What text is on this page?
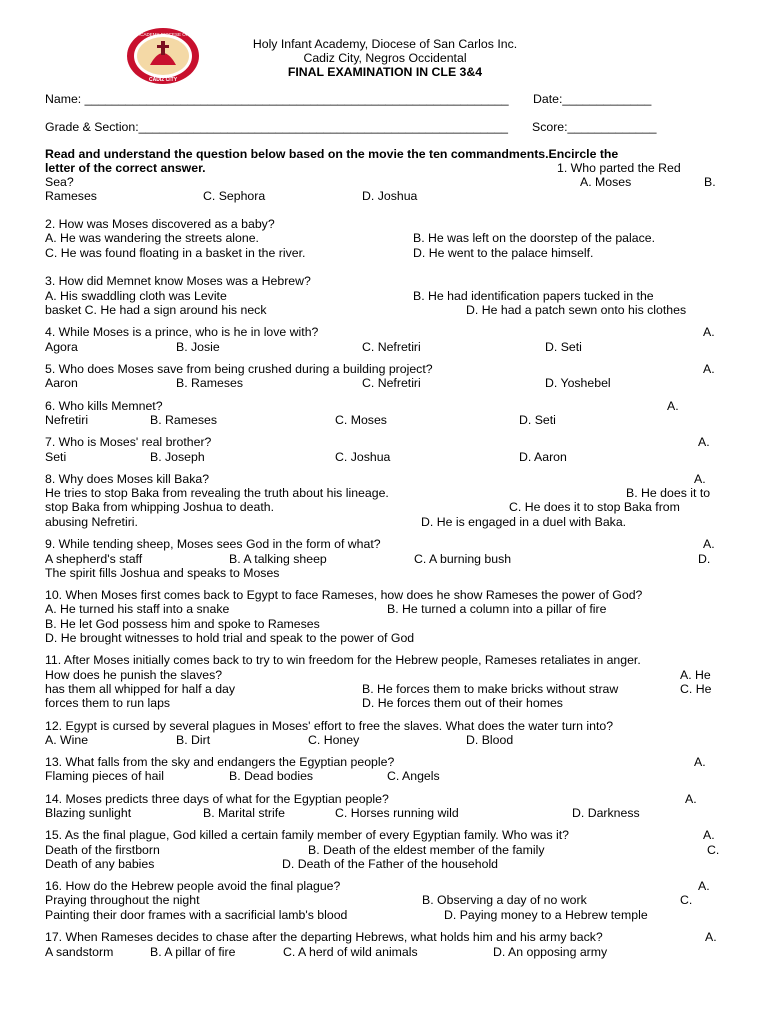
HOLY INFANT ACADEMY DIOCESE OF SAN CARLOS
CADIZ CITY
Holy Infant Academy, Diocese of San Carlos Inc.
Cadiz City, Negros Occidental
FINAL EXAMINATION IN CLE 3&4
Name: ______________________________________________________________ Date:_____________
Grade & Section:______________________________________________________ Score:_____________
Read and understand the question below based on the movie the ten commandments.Encircle the
letter of the correct answer.	1. Who parted the Red
Sea?	A. Moses	B.
Rameses	C. Sephora	D. Joshua
2. How was Moses discovered as a baby?
A. He was wandering the streets alone.	B. He was left on the doorstep of the palace.
C. He was found floating in a basket in the river.	D. He went to the palace himself.
3. How did Memnet know Moses was a Hebrew?
A. His swaddling cloth was Levite	B. He had identification papers tucked in the
basket C. He had a sign around his neck	D. He had a patch sewn onto his clothes
4. While Moses is a prince, who is he in love with?	A.
Agora	B. Josie	C. Nefretiri	D. Seti
5. Who does Moses save from being crushed during a building project?	A.
Aaron	B. Rameses	C. Nefretiri	D. Yoshebel
6. Who kills Memnet?	A.
Nefretiri	B. Rameses	C. Moses	D. Seti
7. Who is Moses' real brother?	A.
Seti	B. Joseph	C. Joshua	D. Aaron
8. Why does Moses kill Baka?	A.
He tries to stop Baka from revealing the truth about his lineage.	B. He does it to
stop Baka from whipping Joshua to death.	C. He does it to stop Baka from
abusing Nefretiri.	D. He is engaged in a duel with Baka.
9. While tending sheep, Moses sees God in the form of what?	A.
A shepherd's staff	B. A talking sheep	C. A burning bush	D.
The spirit fills Joshua and speaks to Moses
10. When Moses first comes back to Egypt to face Rameses, how does he show Rameses the power of God?
A. He turned his staff into a snake	B. He turned a column into a pillar of fire
B. He let God possess him and spoke to Rameses
D. He brought witnesses to hold trial and speak to the power of God
11. After Moses initially comes back to try to win freedom for the Hebrew people, Rameses retaliates in anger.
How does he punish the slaves?	A. He
has them all whipped for half a day	B. He forces them to make bricks without straw	C. He
forces them to run laps	D. He forces them out of their homes
12. Egypt is cursed by several plagues in Moses' effort to free the slaves. What does the water turn into?
A. Wine	B. Dirt	C. Honey	D. Blood
13. What falls from the sky and endangers the Egyptian people?	A.
Flaming pieces of hail	B. Dead bodies	C. Angels
14. Moses predicts three days of what for the Egyptian people?	A.
Blazing sunlight	B. Marital strife	C. Horses running wild	D. Darkness
15. As the final plague, God killed a certain family member of every Egyptian family. Who was it?	A.
Death of the firstborn	B. Death of the eldest member of the family	C.
Death of any babies	D. Death of the Father of the household
16. How do the Hebrew people avoid the final plague?	A.
Praying throughout the night	B. Observing a day of no work	C.
Painting their door frames with a sacrificial lamb's blood	D. Paying money to a Hebrew temple
17. When Rameses decides to chase after the departing Hebrews, what holds him and his army back?	A.
A sandstorm	B. A pillar of fire	C. A herd of wild animals	D. An opposing army
